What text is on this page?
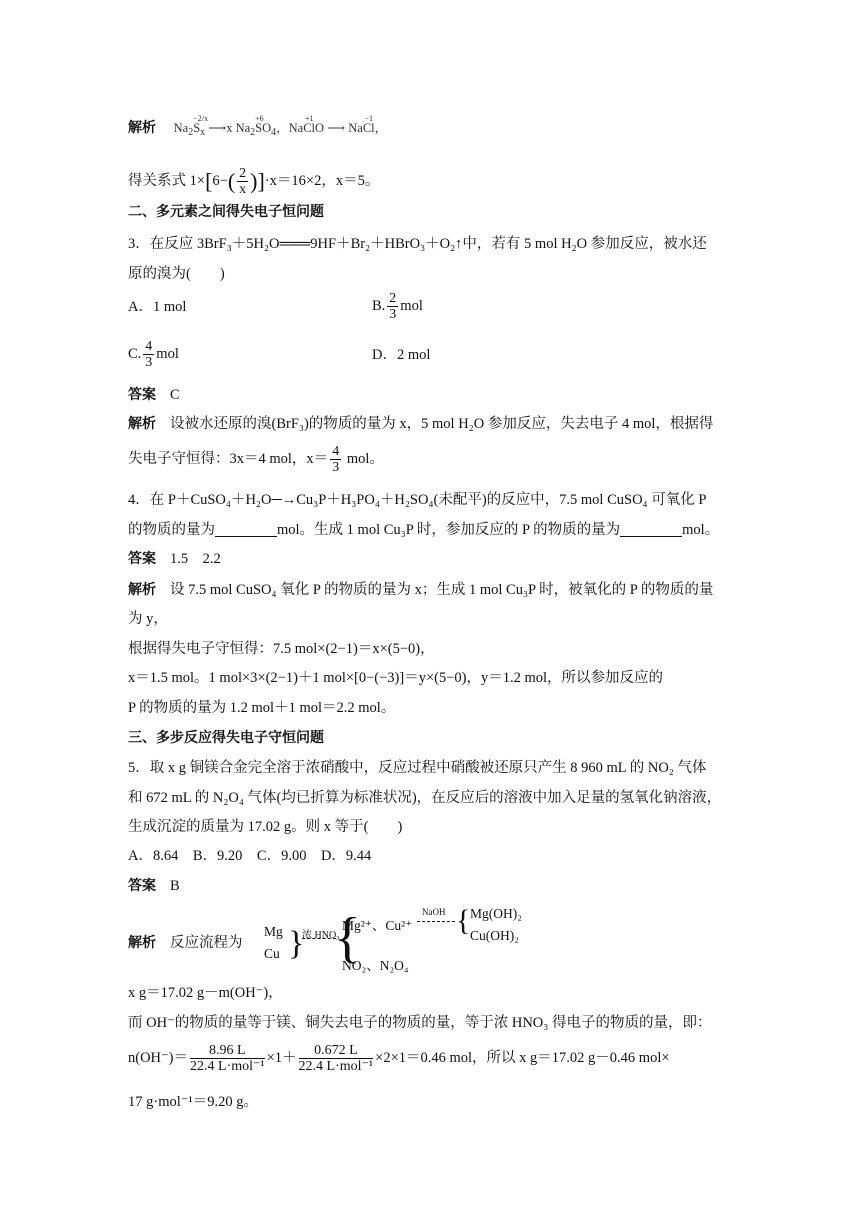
解析 $Na_2$
−2/x
$S_x$ ⟶x $Na_2$
+6
$SO_4$，Na
+1
ClO ⟶ Na
−1
Cl，
得关系式 $1\times[6-( \frac{2}{x} )]\cdot x=16\times 2$，x＝5。
二、多元素之间得失电子恒问题
3．在反应 3BrF₃＋5H₂O═══9HF＋Br₂＋HBrO₃＋O₂↑中，若有 5 mol H₂O 参加反应，被水还
原的溴为(　　)
A．1 mol	B. $\frac{2}{3}$ mol
C. $\frac{4}{3}$ mol	D．2 mol
答案 C
解析 设被水还原的溴(BrF₃)的物质的量为 x，5 mol H₂O 参加反应，失去电子 4 mol，根据得
失电子守恒得：3x＝4 mol，$x= \frac{4}{3}$ mol。
4．在 P＋CuSO₄＋H₂O─→Cu₃P＋H₃PO₄＋H₂SO₄(未配平)的反应中，7.5 mol CuSO₄ 可氧化 P
的物质的量为	mol。生成 1 mol Cu₃P 时，参加反应的 P 的物质的量为	mol。
答案 1.5　2.2
解析 设 7.5 mol CuSO₄ 氧化 P 的物质的量为 x；生成 1 mol Cu₃P 时，被氧化的 P 的物质的量
为 y，
根据得失电子守恒得：7.5 mol×(2−1)＝x×(5−0)，
x＝1.5 mol。1 mol×3×(2−1)＋1 mol×[0−(−3)]＝y×(5−0)，y＝1.2 mol，所以参加反应的
P 的物质的量为 1.2 mol＋1 mol＝2.2 mol。
三、多步反应得失电子守恒问题
5．取 x g 铜镁合金完全溶于浓硝酸中，反应过程中硝酸被还原只产生 8 960 mL 的 NO₂ 气体
和 672 mL 的 N₂O₄ 气体(均已折算为标准状况)，在反应后的溶液中加入足量的氢氧化钠溶液，
生成沉淀的质量为 17.02 g。则 x 等于(　　)
A．8.64　B．9.20　C．9.00　D．9.44
答案 B
解析 反应流程为
Mg
Cu }
浓 HNO₃
{
Mg²⁺、Cu²⁺
NaOH { Mg(OH)₂
Cu(OH)₂
NO₂、N₂O₄
x g＝17.02 g－m(OH⁻)，
而 OH⁻的物质的量等于镁、铜失去电子的物质的量，等于浓 HNO₃ 得电子的物质的量，即：
n(OH⁻)＝	8.96 L
22.4 L·mol⁻¹
×1＋	0.672 L
22.4 L·mol⁻¹
×2×1＝0.46 mol，所以 x g＝17.02 g－0.46 mol×
17 g·mol⁻¹＝9.20 g。
